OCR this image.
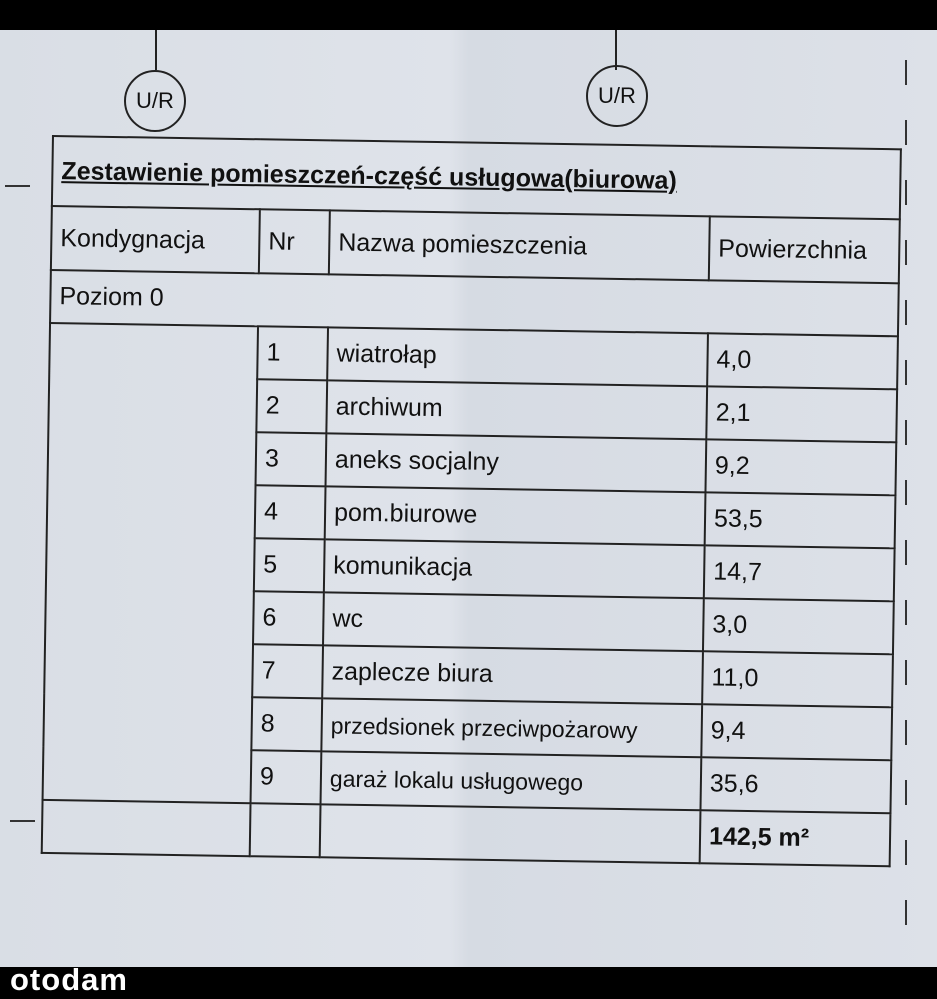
U/R	U/R
Zestawienie pomieszczeń-część usługowa(biurowa)			
Kondygnacja	Nr	Nazwa pomieszczenia	Powierzchnia
Poziom 0			
	1	wiatrołap	4,0
	2	archiwum	2,1
	3	aneks socjalny	9,2
	4	pom.biurowe	53,5
	5	komunikacja	14,7
	6	wc	3,0
	7	zaplecze biura	11,0
	8	przedsionek przeciwpożarowy	9,4
	9	garaż lokalu usługowego	35,6
			142,5 m²
otodam
